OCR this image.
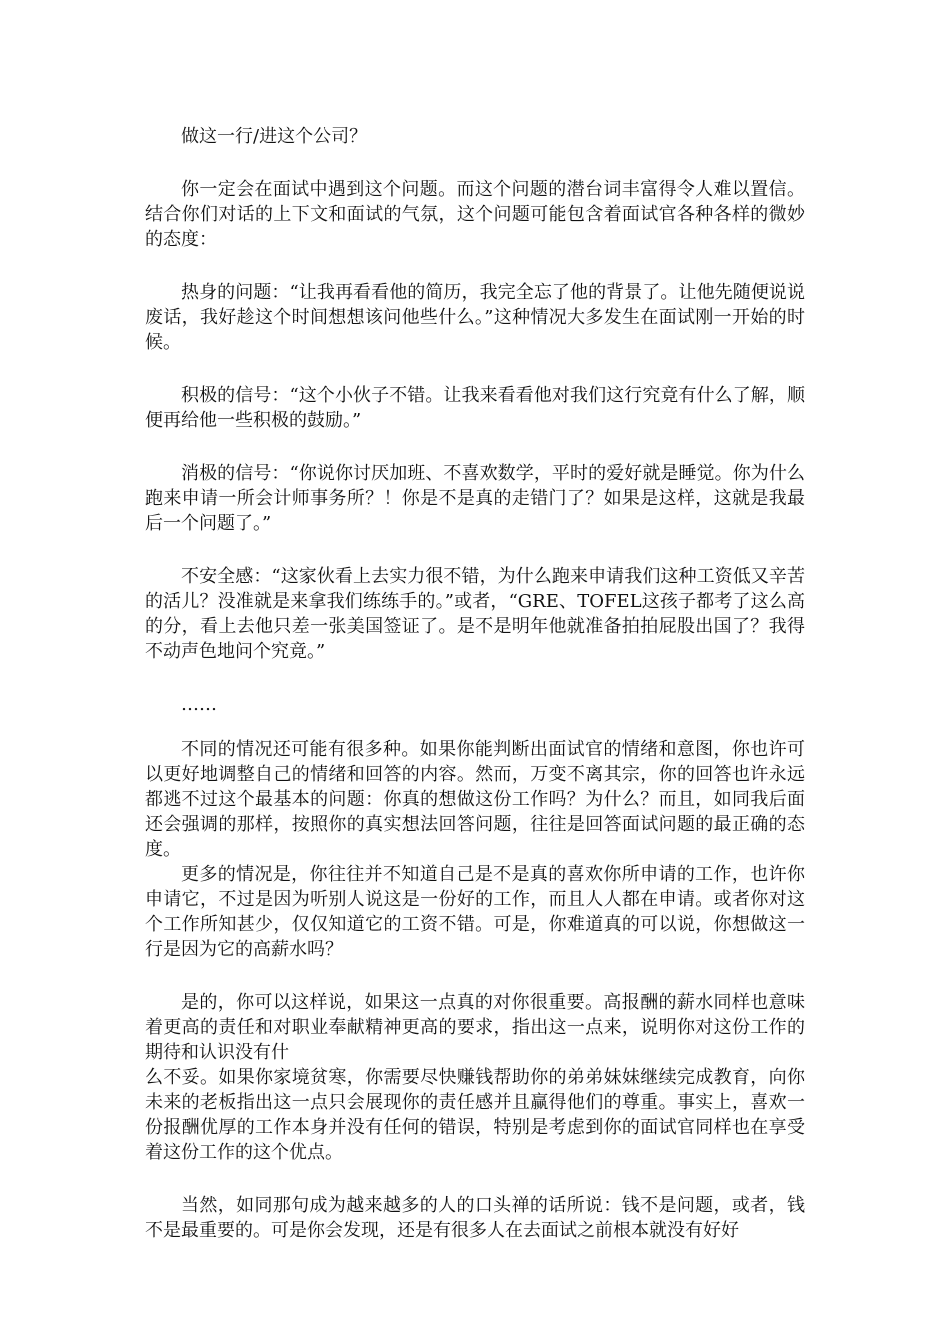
做这一行/进这个公司？

你一定会在面试中遇到这个问题。而这个问题的潜台词丰富得令人难以置信。结合你们对话的上下文和面试的气氛，这个问题可能包含着面试官各种各样的微妙的态度：

热身的问题：“让我再看看他的简历，我完全忘了他的背景了。让他先随便说说废话，我好趁这个时间想想该问他些什么。”这种情况大多发生在面试刚一开始的时候。

积极的信号：“这个小伙子不错。让我来看看他对我们这行究竟有什么了解，顺便再给他一些积极的鼓励。”

消极的信号：“你说你讨厌加班、不喜欢数学，平时的爱好就是睡觉。你为什么跑来申请一所会计师事务所？！你是不是真的走错门了？如果是这样，这就是我最后一个问题了。”

不安全感：“这家伙看上去实力很不错，为什么跑来申请我们这种工资低又辛苦的活儿？没准就是来拿我们练练手的。”或者，“GRE、TOFEL这孩子都考了这么高的分，看上去他只差一张美国签证了。是不是明年他就准备拍拍屁股出国了？我得不动声色地问个究竟。”

……

不同的情况还可能有很多种。如果你能判断出面试官的情绪和意图，你也许可以更好地调整自己的情绪和回答的内容。然而，万变不离其宗，你的回答也许永远都逃不过这个最基本的问题：你真的想做这份工作吗？为什么？而且，如同我后面还会强调的那样，按照你的真实想法回答问题，往往是回答面试问题的最正确的态度。

更多的情况是，你往往并不知道自己是不是真的喜欢你所申请的工作，也许你申请它，不过是因为听别人说这是一份好的工作，而且人人都在申请。或者你对这个工作所知甚少，仅仅知道它的工资不错。可是，你难道真的可以说，你想做这一行是因为它的高薪水吗？

是的，你可以这样说，如果这一点真的对你很重要。高报酬的薪水同样也意味着更高的责任和对职业奉献精神更高的要求，指出这一点来，说明你对这份工作的期待和认识没有什

么不妥。如果你家境贫寒，你需要尽快赚钱帮助你的弟弟妹妹继续完成教育，向你未来的老板指出这一点只会展现你的责任感并且赢得他们的尊重。事实上，喜欢一份报酬优厚的工作本身并没有任何的错误，特别是考虑到你的面试官同样也在享受着这份工作的这个优点。

当然，如同那句成为越来越多的人的口头禅的话所说：钱不是问题，或者，钱不是最重要的。可是你会发现，还是有很多人在去面试之前根本就没有好好
